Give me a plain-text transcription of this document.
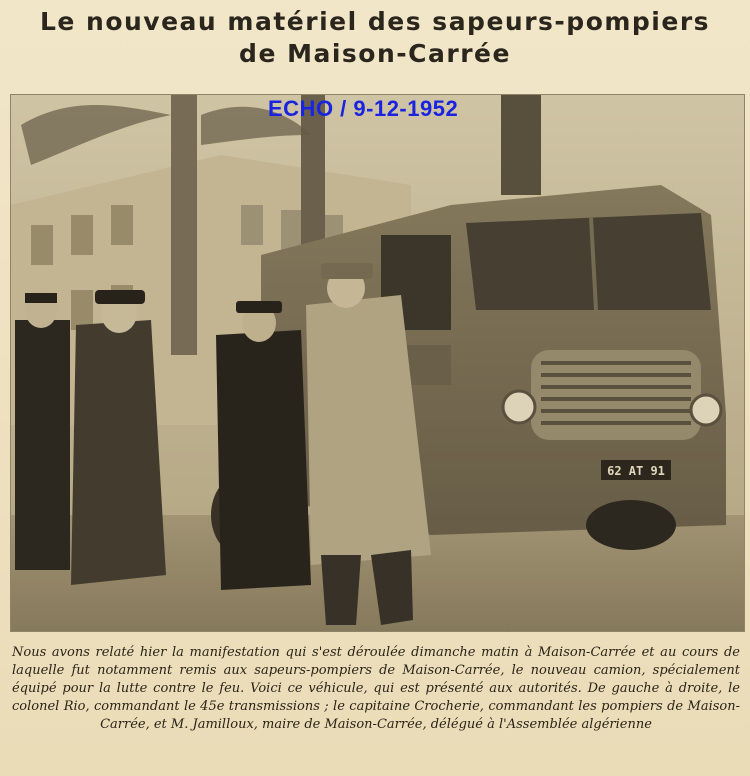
Le nouveau matériel des sapeurs-pompiers
de Maison-Carrée
62 AT 91
ECHO / 9-12-1952

Nous avons relaté hier la manifestation qui s'est déroulée dimanche matin à Maison-Carrée et au cours de laquelle fut notamment remis aux sapeurs-pompiers de Maison-Carrée, le nouveau camion, spécialement équipé pour la lutte contre le feu. Voici ce véhicule, qui est présenté aux autorités. De gauche à droite, le colonel Rio, commandant le 45e transmissions ; le capitaine Crocherie, commandant les pompiers de Maison-Carrée, et M. Jamilloux, maire de Maison-Carrée, délégué à l'Assemblée algérienne
